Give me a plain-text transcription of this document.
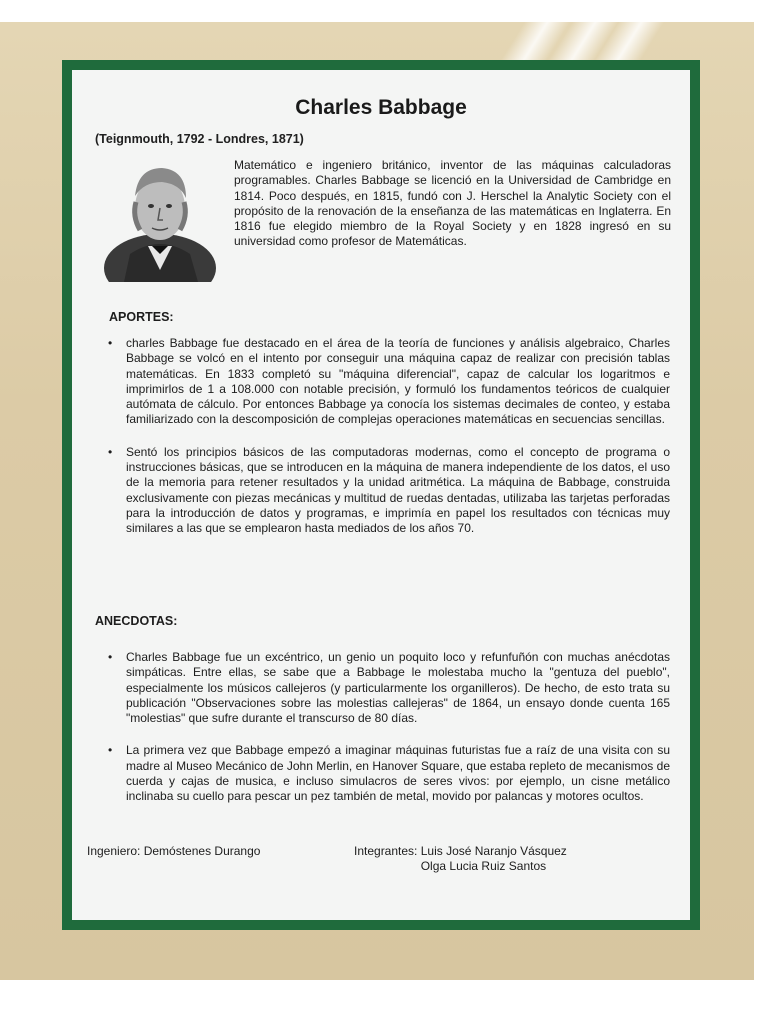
Charles Babbage
(Teignmouth, 1792 - Londres, 1871)
Matemático e ingeniero británico, inventor de las máquinas calculadoras programables. Charles Babbage se licenció en la Universidad de Cambridge en 1814. Poco después, en 1815, fundó con J. Herschel la Analytic Society con el propósito de la renovación de la enseñanza de las matemáticas en Inglaterra. En 1816 fue elegido miembro de la Royal Society y en 1828 ingresó en su universidad como profesor de Matemáticas.
APORTES:
• charles Babbage fue destacado en el área de la teoría de funciones y análisis algebraico, Charles Babbage se volcó en el intento por conseguir una máquina capaz de realizar con precisión tablas matemáticas. En 1833 completó su "máquina diferencial", capaz de calcular los logaritmos e imprimirlos de 1 a 108.000 con notable precisión, y formuló los fundamentos teóricos de cualquier autómata de cálculo. Por entonces Babbage ya conocía los sistemas decimales de conteo, y estaba familiarizado con la descomposición de complejas operaciones matemáticas en secuencias sencillas.
• Sentó los principios básicos de las computadoras modernas, como el concepto de programa o instrucciones básicas, que se introducen en la máquina de manera independiente de los datos, el uso de la memoria para retener resultados y la unidad aritmética. La máquina de Babbage, construida exclusivamente con piezas mecánicas y multitud de ruedas dentadas, utilizaba las tarjetas perforadas para la introducción de datos y programas, e imprimía en papel los resultados con técnicas muy similares a las que se emplearon hasta mediados de los años 70.
ANECDOTAS:
• Charles Babbage fue un excéntrico, un genio un poquito loco y refunfuñón con muchas anécdotas simpáticas. Entre ellas, se sabe que a Babbage le molestaba mucho la "gentuza del pueblo", especialmente los músicos callejeros (y particularmente los organilleros). De hecho, de esto trata su publicación "Observaciones sobre las molestias callejeras" de 1864, un ensayo donde cuenta 165 "molestias" que sufre durante el transcurso de 80 días.
• La primera vez que Babbage empezó a imaginar máquinas futuristas fue a raíz de una visita con su madre al Museo Mecánico de John Merlin, en Hanover Square, que estaba repleto de mecanismos de cuerda y cajas de musica, e incluso simulacros de seres vivos: por ejemplo, un cisne metálico inclinaba su cuello para pescar un pez también de metal, movido por palancas y motores ocultos.
Ingeniero: Demóstenes Durango	Integrantes: Luis José Naranjo Vásquez
Olga Lucia Ruiz Santos
